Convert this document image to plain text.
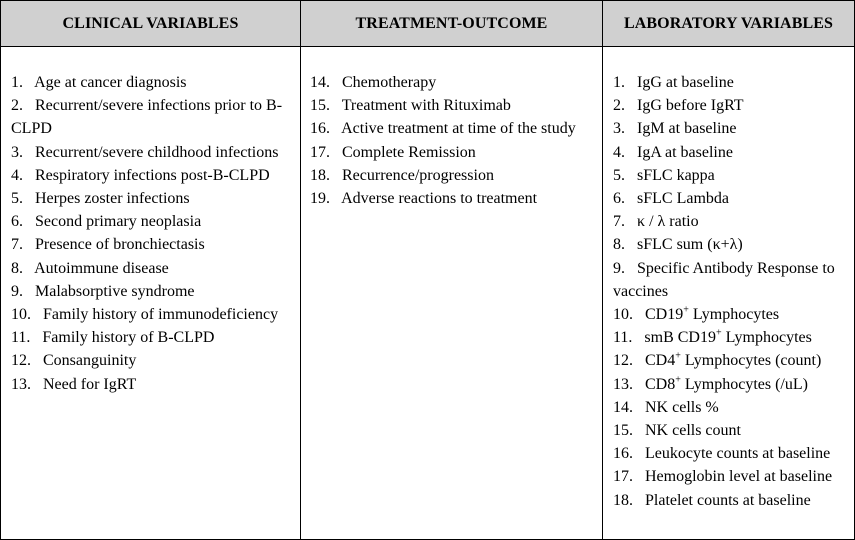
CLINICAL VARIABLES
1. Age at cancer diagnosis
2. Recurrent/severe infections prior to B-CLPD
3. Recurrent/severe childhood infections
4. Respiratory infections post-B-CLPD
5. Herpes zoster infections
6. Second primary neoplasia
7. Presence of bronchiectasis
8. Autoimmune disease
9. Malabsorptive syndrome
10. Family history of immunodeficiency
11. Family history of B-CLPD
12. Consanguinity
13. Need for IgRT
TREATMENT-OUTCOME
14. Chemotherapy
15. Treatment with Rituximab
16. Active treatment at time of the study
17. Complete Remission
18. Recurrence/progression
19. Adverse reactions to treatment
LABORATORY VARIABLES
1. IgG at baseline
2. IgG before IgRT
3. IgM at baseline
4. IgA at baseline
5. sFLC kappa
6. sFLC Lambda
7. κ / λ ratio
8. sFLC sum (κ+λ)
9. Specific Antibody Response to vaccines
10. CD19+ Lymphocytes
11. smB CD19+ Lymphocytes
12. CD4+ Lymphocytes (count)
13. CD8+ Lymphocytes (/uL)
14. NK cells %
15. NK cells count
16. Leukocyte counts at baseline
17. Hemoglobin level at baseline
18. Platelet counts at baseline
